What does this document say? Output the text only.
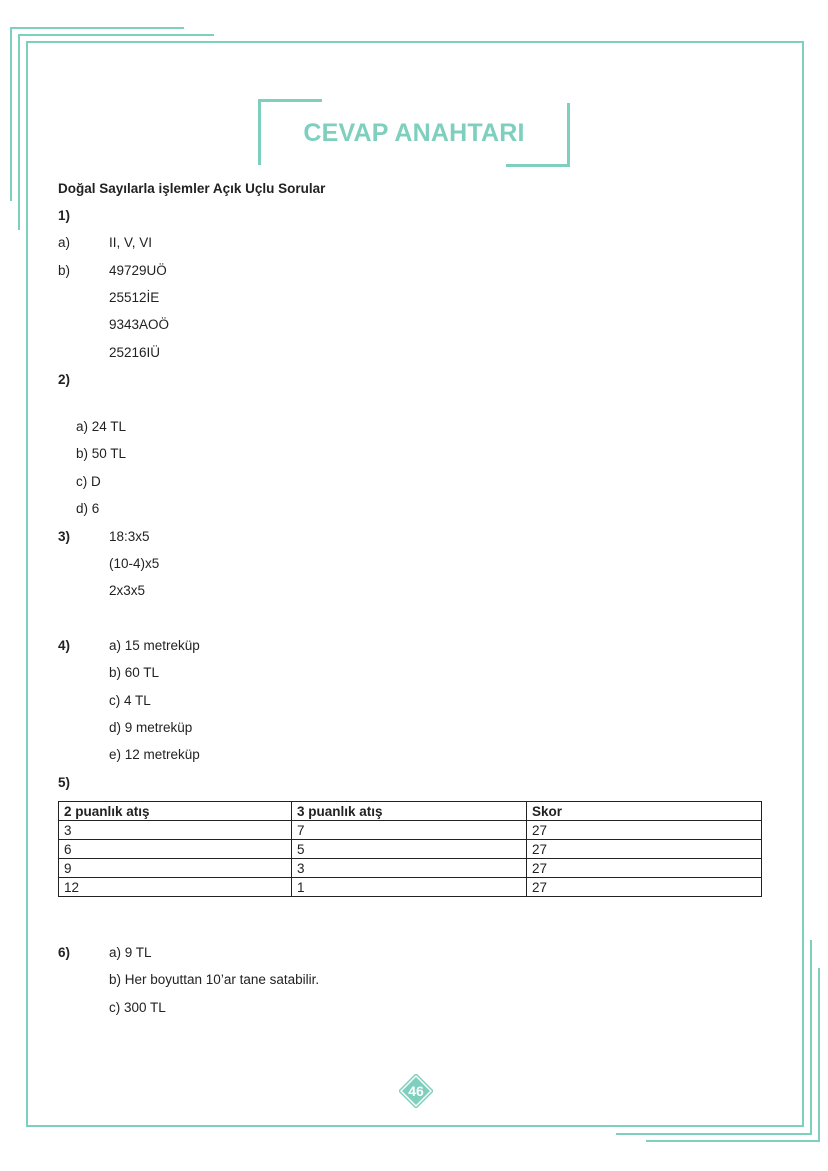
CEVAP ANAHTARI
Doğal Sayılarla işlemler Açık Uçlu Sorular
1)
a)	II, V, VI
b)	49729UÖ
25512İE
9343AOÖ
25216IÜ
2)
a) 24 TL
b) 50 TL
c) D
d) 6
3)	18:3x5
(10-4)x5
2x3x5
4)	a) 15 metreküp
b) 60 TL
c) 4 TL
d) 9 metreküp
e) 12 metreküp
5)
2 puanlık atış	3 puanlık atış	Skor
3	7	27
6	5	27
9	3	27
12	1	27
6)	a) 9 TL
b) Her boyuttan 10’ar tane satabilir.
c) 300 TL
46
